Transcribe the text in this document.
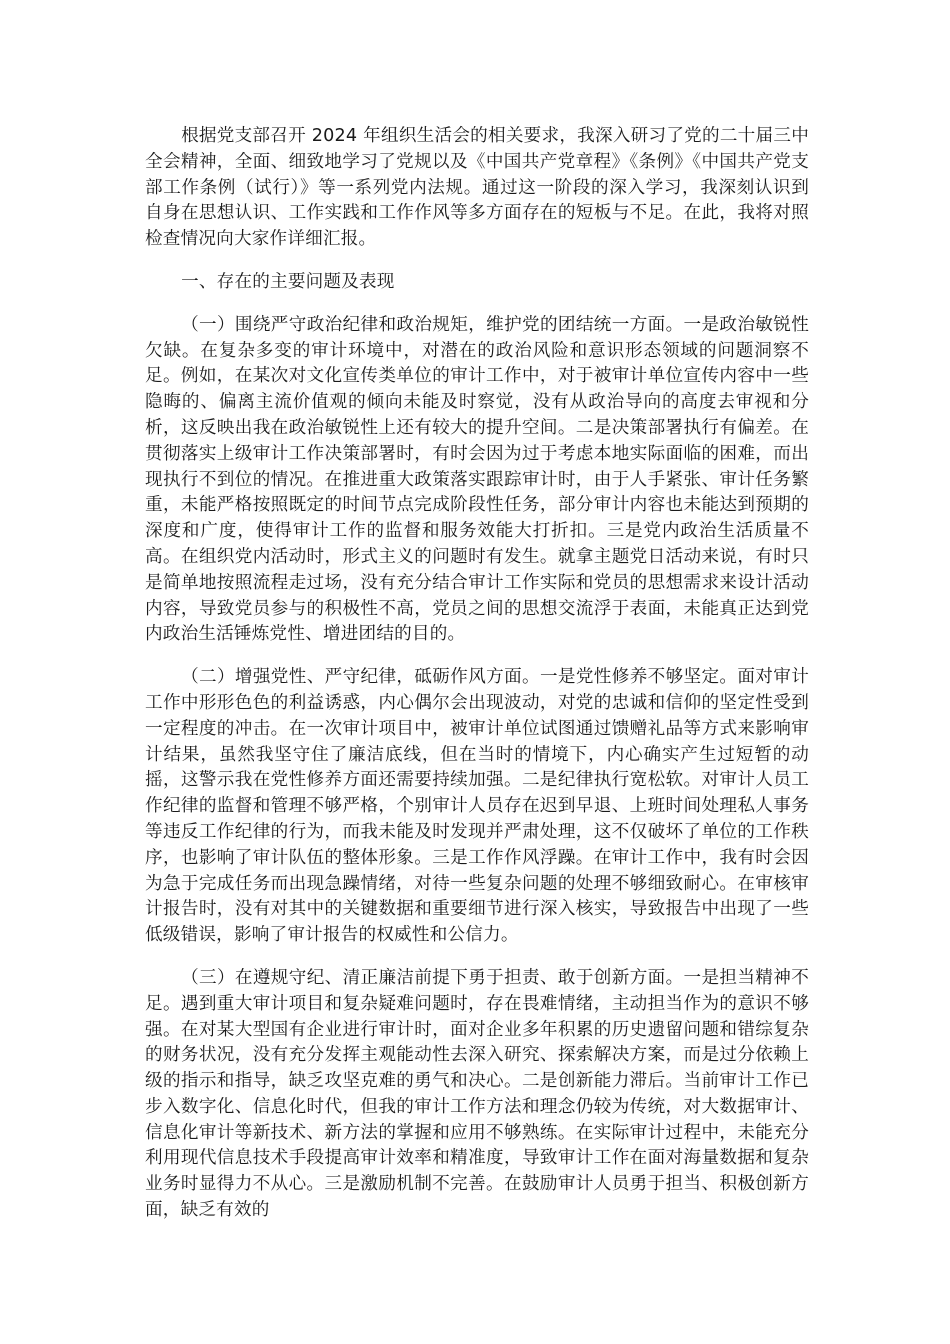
根据党支部召开 2024 年组织生活会的相关要求，我深入研习了党的二十届三中全会精神，全面、细致地学习了党规以及《中国共产党章程》《条例》《中国共产党支部工作条例（试行）》等一系列党内法规。通过这一阶段的深入学习，我深刻认识到自身在思想认识、工作实践和工作作风等多方面存在的短板与不足。在此，我将对照检查情况向大家作详细汇报。

一、存在的主要问题及表现

（一）围绕严守政治纪律和政治规矩，维护党的团结统一方面。一是政治敏锐性欠缺。在复杂多变的审计环境中，对潜在的政治风险和意识形态领域的问题洞察不足。例如，在某次对文化宣传类单位的审计工作中，对于被审计单位宣传内容中一些隐晦的、偏离主流价值观的倾向未能及时察觉，没有从政治导向的高度去审视和分析，这反映出我在政治敏锐性上还有较大的提升空间。二是决策部署执行有偏差。在贯彻落实上级审计工作决策部署时，有时会因为过于考虑本地实际面临的困难，而出现执行不到位的情况。在推进重大政策落实跟踪审计时，由于人手紧张、审计任务繁重，未能严格按照既定的时间节点完成阶段性任务，部分审计内容也未能达到预期的深度和广度，使得审计工作的监督和服务效能大打折扣。三是党内政治生活质量不高。在组织党内活动时，形式主义的问题时有发生。就拿主题党日活动来说，有时只是简单地按照流程走过场，没有充分结合审计工作实际和党员的思想需求来设计活动内容，导致党员参与的积极性不高，党员之间的思想交流浮于表面，未能真正达到党内政治生活锤炼党性、增进团结的目的。

（二）增强党性、严守纪律，砥砺作风方面。一是党性修养不够坚定。面对审计工作中形形色色的利益诱惑，内心偶尔会出现波动，对党的忠诚和信仰的坚定性受到一定程度的冲击。在一次审计项目中，被审计单位试图通过馈赠礼品等方式来影响审计结果，虽然我坚守住了廉洁底线，但在当时的情境下，内心确实产生过短暂的动摇，这警示我在党性修养方面还需要持续加强。二是纪律执行宽松软。对审计人员工作纪律的监督和管理不够严格，个别审计人员存在迟到早退、上班时间处理私人事务等违反工作纪律的行为，而我未能及时发现并严肃处理，这不仅破坏了单位的工作秩序，也影响了审计队伍的整体形象。三是工作作风浮躁。在审计工作中，我有时会因为急于完成任务而出现急躁情绪，对待一些复杂问题的处理不够细致耐心。在审核审计报告时，没有对其中的关键数据和重要细节进行深入核实，导致报告中出现了一些低级错误，影响了审计报告的权威性和公信力。

（三）在遵规守纪、清正廉洁前提下勇于担责、敢于创新方面。一是担当精神不足。遇到重大审计项目和复杂疑难问题时，存在畏难情绪，主动担当作为的意识不够强。在对某大型国有企业进行审计时，面对企业多年积累的历史遗留问题和错综复杂的财务状况，没有充分发挥主观能动性去深入研究、探索解决方案，而是过分依赖上级的指示和指导，缺乏攻坚克难的勇气和决心。二是创新能力滞后。当前审计工作已步入数字化、信息化时代，但我的审计工作方法和理念仍较为传统，对大数据审计、信息化审计等新技术、新方法的掌握和应用不够熟练。在实际审计过程中，未能充分利用现代信息技术手段提高审计效率和精准度，导致审计工作在面对海量数据和复杂业务时显得力不从心。三是激励机制不完善。在鼓励审计人员勇于担当、积极创新方面，缺乏有效的
